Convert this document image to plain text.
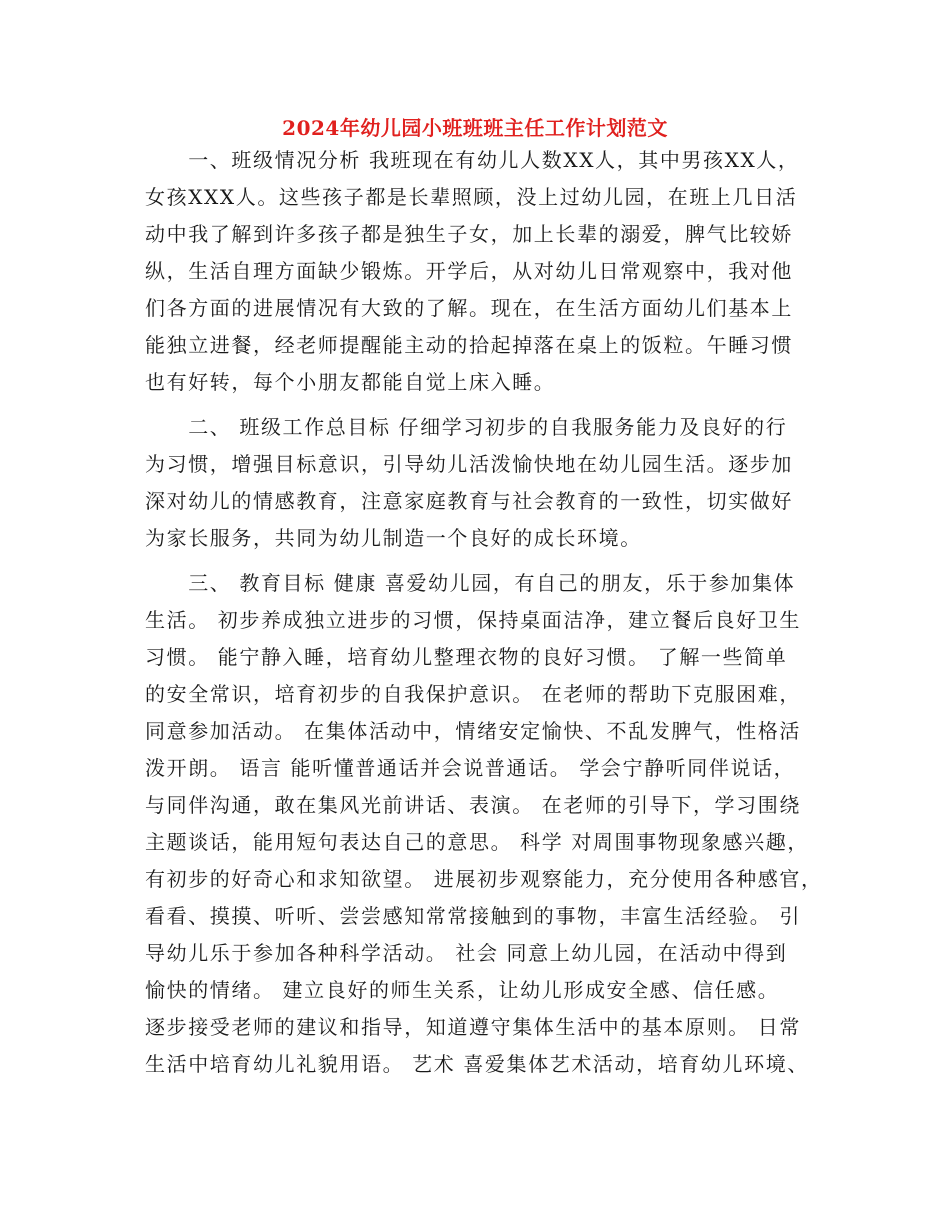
2024年幼儿园小班班班主任工作计划范文
　　一、班级情况分析 我班现在有幼儿人数XX人，其中男孩XX人，
女孩XXX人。这些孩子都是长辈照顾，没上过幼儿园，在班上几日活
动中我了解到许多孩子都是独生子女，加上长辈的溺爱，脾气比较娇
纵，生活自理方面缺少锻炼。开学后，从对幼儿日常观察中，我对他
们各方面的进展情况有大致的了解。现在，在生活方面幼儿们基本上
能独立进餐，经老师提醒能主动的拾起掉落在桌上的饭粒。午睡习惯
也有好转，每个小朋友都能自觉上床入睡。
　　二、 班级工作总目标 仔细学习初步的自我服务能力及良好的行
为习惯，增强目标意识，引导幼儿活泼愉快地在幼儿园生活。逐步加
深对幼儿的情感教育，注意家庭教育与社会教育的一致性，切实做好
为家长服务，共同为幼儿制造一个良好的成长环境。
　　三、 教育目标 健康 喜爱幼儿园，有自己的朋友，乐于参加集体
生活。 初步养成独立进步的习惯，保持桌面洁净，建立餐后良好卫生
习惯。 能宁静入睡，培育幼儿整理衣物的良好习惯。 了解一些简单
的安全常识，培育初步的自我保护意识。 在老师的帮助下克服困难，
同意参加活动。 在集体活动中，情绪安定愉快、不乱发脾气，性格活
泼开朗。 语言 能听懂普通话并会说普通话。 学会宁静听同伴说话，
与同伴沟通，敢在集风光前讲话、表演。 在老师的引导下，学习围绕
主题谈话，能用短句表达自己的意思。 科学 对周围事物现象感兴趣，
有初步的好奇心和求知欲望。 进展初步观察能力，充分使用各种感官，
看看、摸摸、听听、尝尝感知常常接触到的事物，丰富生活经验。 引
导幼儿乐于参加各种科学活动。 社会 同意上幼儿园，在活动中得到
愉快的情绪。 建立良好的师生关系，让幼儿形成安全感、信任感。
逐步接受老师的建议和指导，知道遵守集体生活中的基本原则。 日常
生活中培育幼儿礼貌用语。 艺术 喜爱集体艺术活动，培育幼儿环境、
